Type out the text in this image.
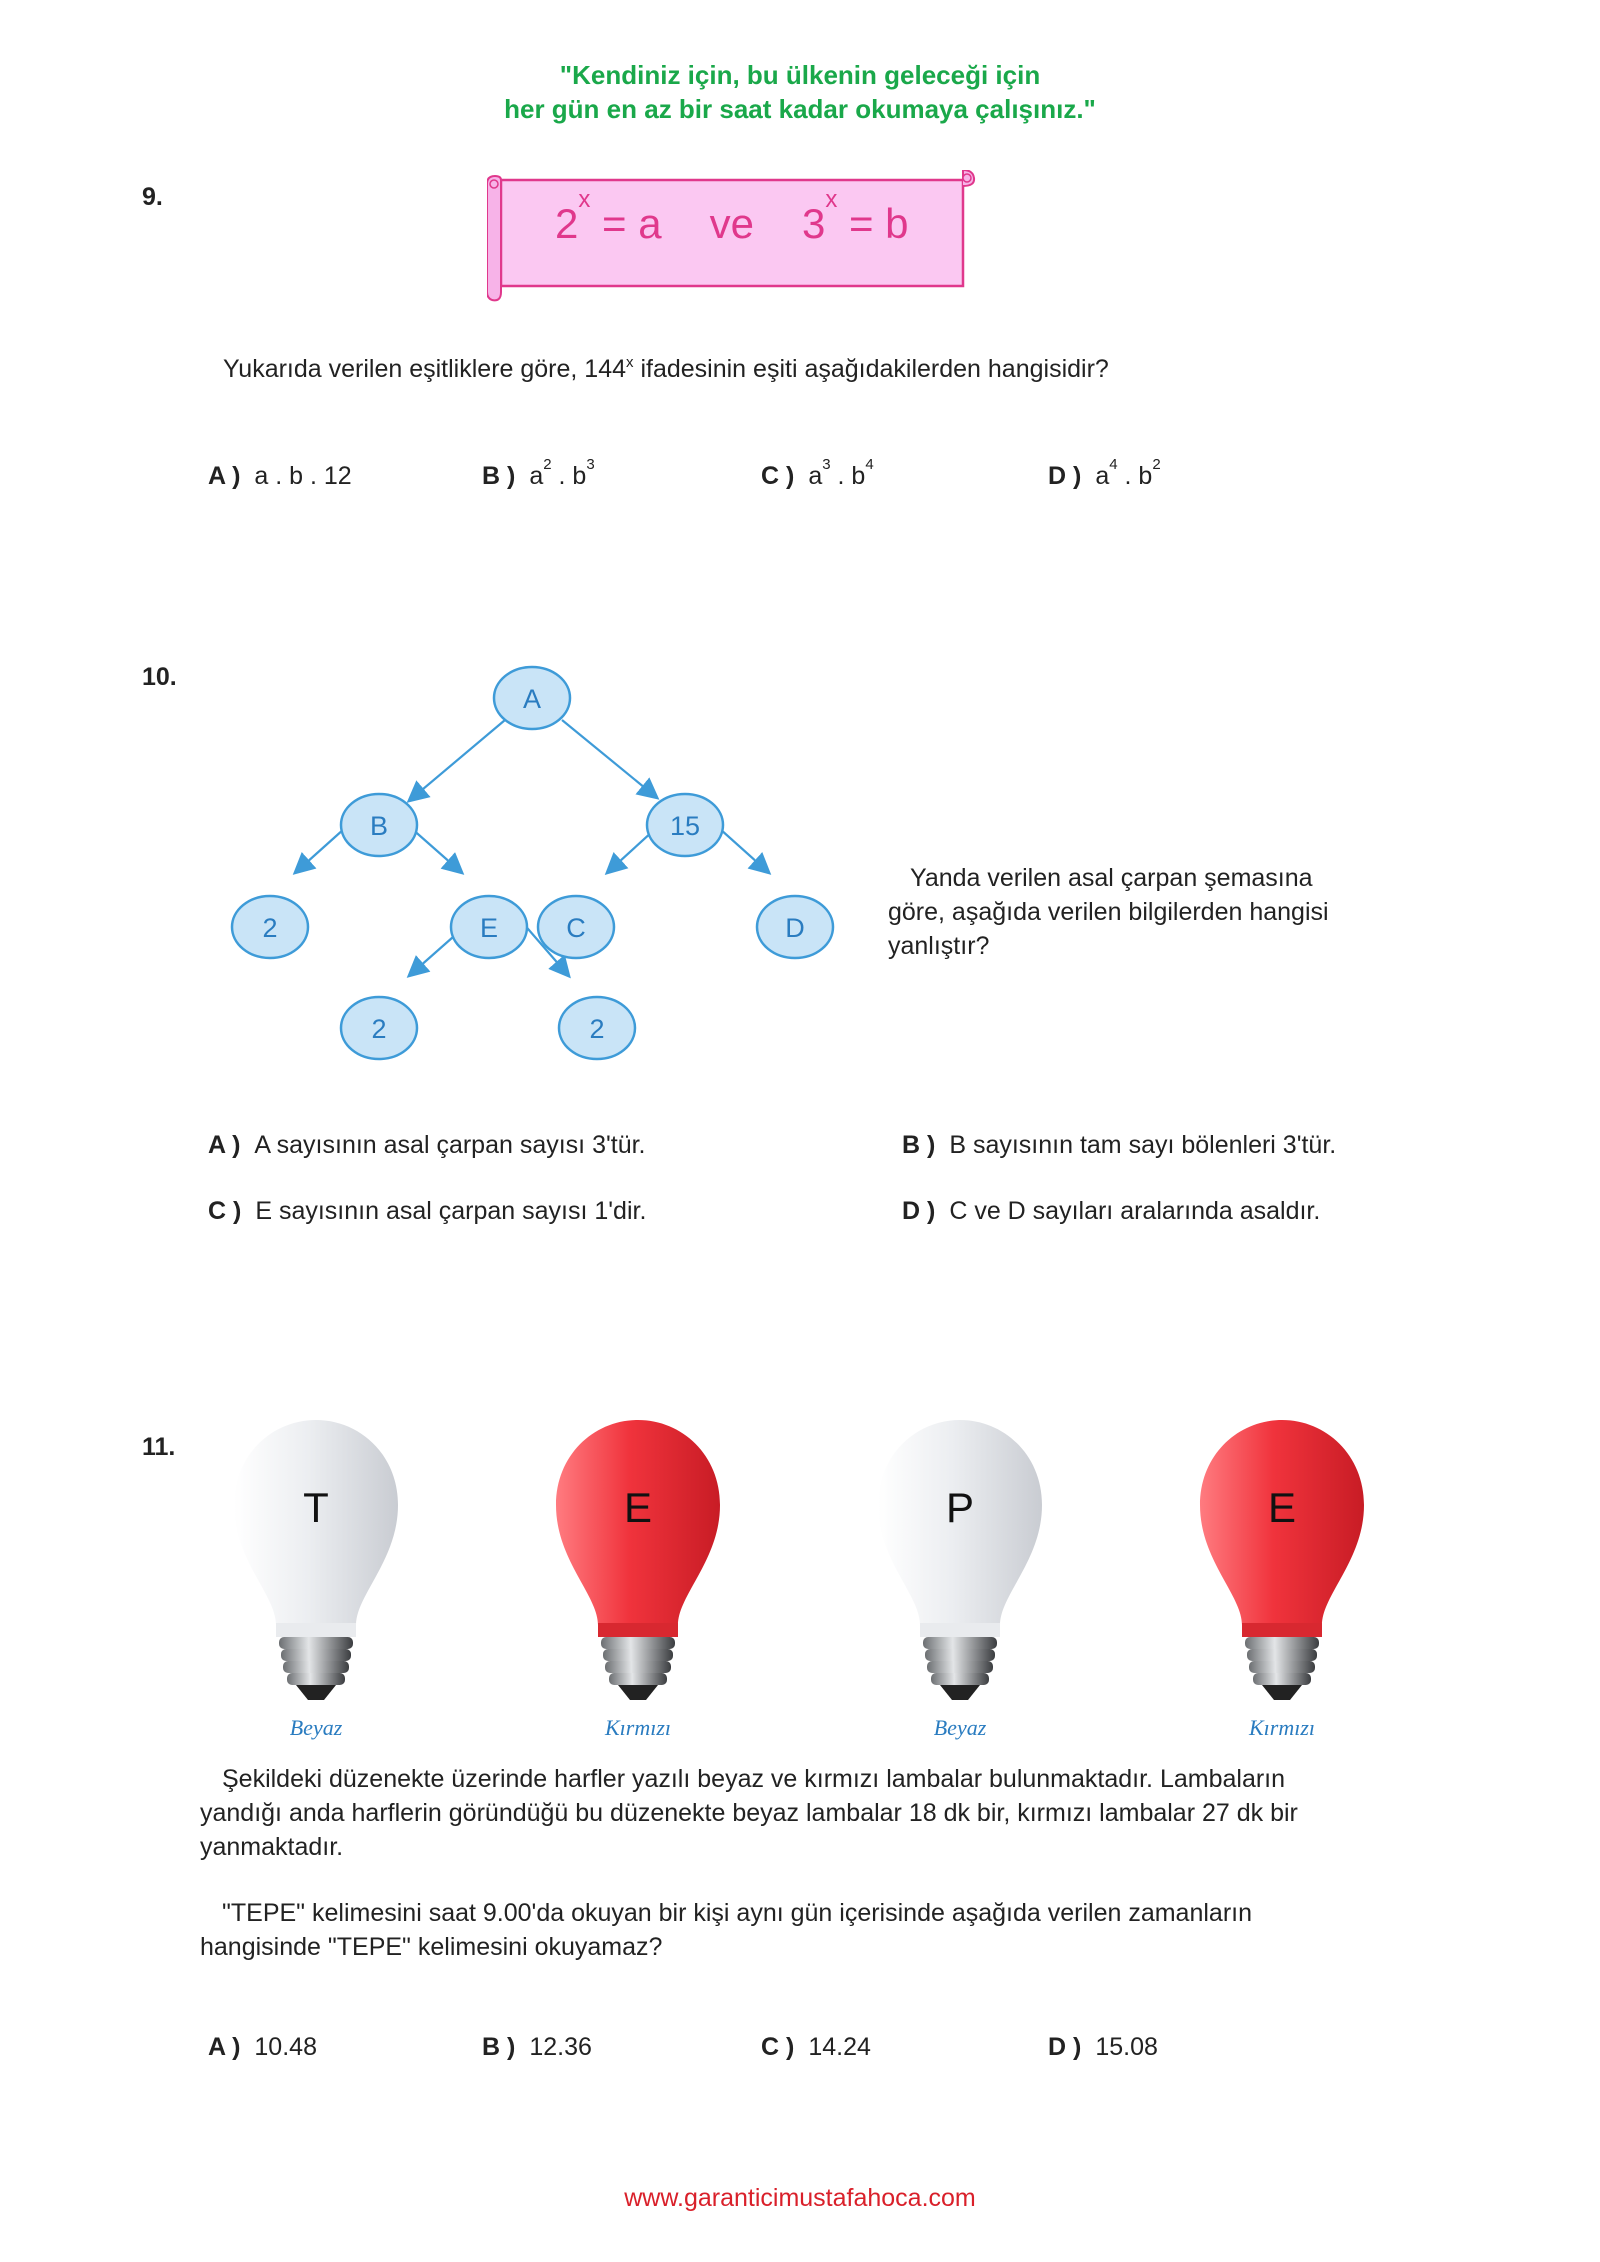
"Kendiniz için, bu ülkenin geleceği için
her gün en az bir saat kadar okumaya çalışınız."
9.
$2^x = a$ ve $3^x = b$
Yukarıda verilen eşitliklere göre, 144$^x$ ifadesinin eşiti aşağıdakilerden hangisidir?
A ) a . b . 12	B ) $a^2$ . $b^3$	C ) $a^3$ . $b^4$	D ) $a^4$ . $b^2$
10.
A
B	15
2	E	C	D
2	2
Yanda verilen asal çarpan şemasına
göre, aşağıda verilen bilgilerden hangisi
yanlıştır?
A ) A sayısının asal çarpan sayısı 3'tür.	B ) B sayısının tam sayı bölenleri 3'tür.
C ) E sayısının asal çarpan sayısı 1'dir.	D ) C ve D sayıları aralarında asaldır.
11.
T
Beyaz
E
Kırmızı
P
Beyaz
E
Kırmızı
Şekildeki düzenekte üzerinde harfler yazılı beyaz ve kırmızı lambalar bulunmaktadır. Lambaların
yandığı anda harflerin göründüğü bu düzenekte beyaz lambalar 18 dk bir, kırmızı lambalar 27 dk bir
yanmaktadır.
"TEPE" kelimesini saat 9.00'da okuyan bir kişi aynı gün içerisinde aşağıda verilen zamanların
hangisinde "TEPE" kelimesini okuyamaz?
A ) 10.48	B ) 12.36	C ) 14.24	D ) 15.08
www.garanticimustafahoca.com
